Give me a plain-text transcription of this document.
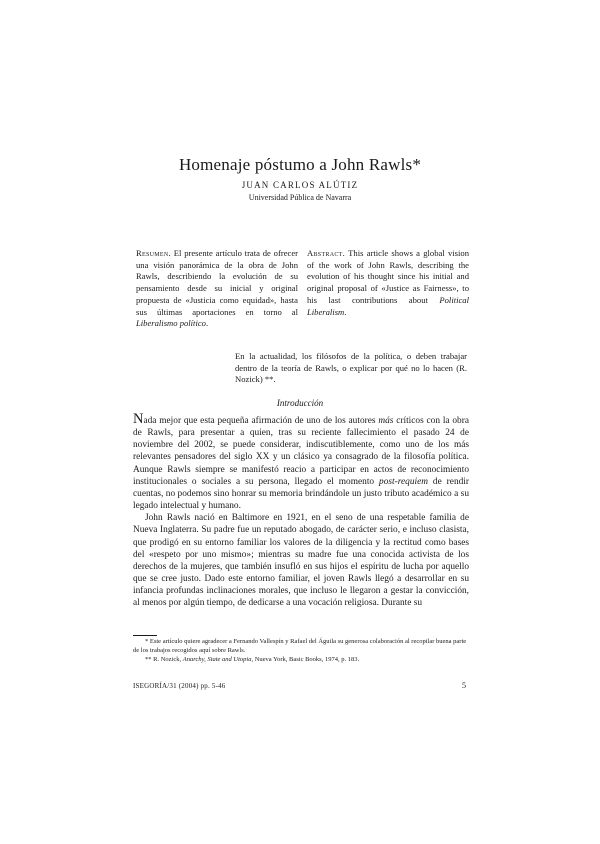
Homenaje póstumo a John Rawls*
JUAN CARLOS ALÚTIZ
Universidad Pública de Navarra
Resumen. El presente artículo trata de ofrecer una visión panorámica de la obra de John Rawls, describiendo la evolución de su pensamiento desde su inicial y original propuesta de «Justicia como equidad», hasta sus últimas aportaciones en torno al Liberalismo político.
Abstract. This article shows a global vision of the work of John Rawls, describing the evolution of his thought since his initial and original proposal of «Justice as Fairness», to his last contributions about Political Liberalism.
En la actualidad, los filósofos de la política, o deben trabajar dentro de la teoría de Rawls, o explicar por qué no lo hacen (R. Nozick) **.
Introducción

Nada mejor que esta pequeña afirmación de uno de los autores más críticos con la obra de Rawls, para presentar a quien, tras su reciente fallecimiento el pasado 24 de noviembre del 2002, se puede considerar, indiscutiblemente, como uno de los más relevantes pensadores del siglo XX y un clásico ya consagrado de la filosofía política. Aunque Rawls siempre se manifestó reacio a participar en actos de reconocimiento institucionales o sociales a su persona, llegado el momento post-requiem de rendir cuentas, no podemos sino honrar su memoria brindándole un justo tributo académico a su legado intelectual y humano.

John Rawls nació en Baltimore en 1921, en el seno de una respetable familia de Nueva Inglaterra. Su padre fue un reputado abogado, de carácter serio, e incluso clasista, que prodigó en su entorno familiar los valores de la diligencia y la rectitud como bases del «respeto por uno mismo»; mientras su madre fue una conocida activista de los derechos de la mujeres, que también insufló en sus hijos el espíritu de lucha por aquello que se cree justo. Dado este entorno familiar, el joven Rawls llegó a desarrollar en su infancia profundas inclinaciones morales, que incluso le llegaron a gestar la convicción, al menos por algún tiempo, de dedicarse a una vocación religiosa. Durante su

* Este artículo quiere agradecer a Fernando Vallespín y Rafael del Águila su generosa colaboración al recopilar buena parte de los trabajos recogidos aquí sobre Rawls.

** R. Nozick, Anarchy, State and Utopia, Nueva York, Basic Books, 1974, p. 183.

ISEGORÍA/31 (2004) pp. 5-46	5
